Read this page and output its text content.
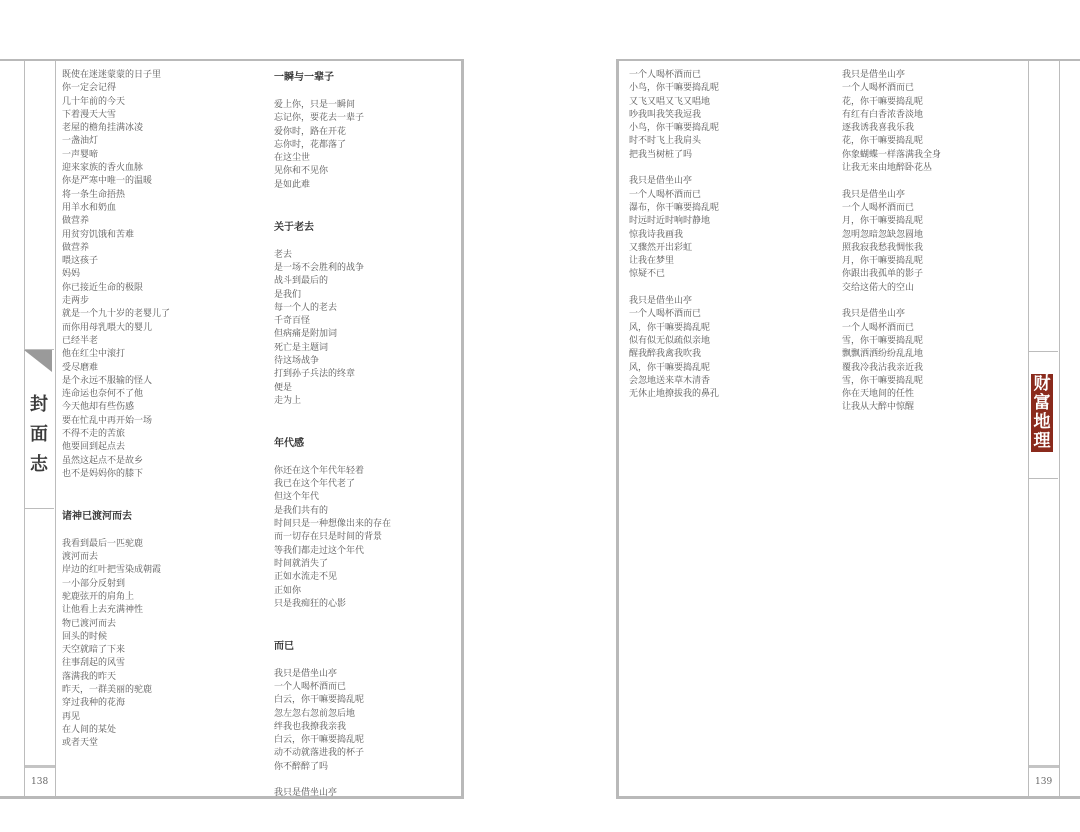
封
面
志
138
既使在迷迷蒙蒙的日子里
你一定会记得
几十年前的今天
下着漫天大雪
老屋的檐角挂满冰凌
一盏油灯
一声婴啼
迎来家族的香火血脉
你是严寒中唯一的温暖
将一条生命捂热
用羊水和奶血
做营养
用贫穷饥饿和苦难
做营养
喂这孩子
妈妈
你已接近生命的极限
走两步
就是一个九十岁的老婴儿了
而你用母乳喂大的婴儿
已经半老
他在红尘中滚打
受尽磨难
是个永远不服输的怪人
连命运也奈何不了他
今天他却有些伤感
要在忙乱中再开始一场
不得不走的苦旅
他要回到起点去
虽然这起点不是故乡
也不是妈妈你的膝下
诸神已渡河而去
我看到最后一匹驼鹿
渡河而去
岸边的红叶把雪染成朝霞
一小部分反射到
驼鹿弦开的肩角上
让他看上去充满神性
物已渡河而去
回头的时候
天空就暗了下来
往事刮起的风雪
落满我的昨天
昨天，一群美丽的驼鹿
穿过我种的花海
再见
在人间的某处
或者天堂
一瞬与一辈子
爱上你，只是一瞬间
忘记你，要花去一辈子
爱你时，路在开花
忘你时，花都落了
在这尘世
见你和不见你
是如此难
关于老去
老去
是一场不会胜利的战争
战斗到最后的
是我们
每一个人的老去
千奇百怪
但病痛是附加词
死亡是主题词
待这场战争
打到孙子兵法的终章
便是
走为上
年代感
你还在这个年代年轻着
我已在这个年代老了
但这个年代
是我们共有的
时间只是一种想像出来的存在
而一切存在只是时间的背景
等我们都走过这个年代
时间就消失了
正如水流走不见
正如你
只是我痴狂的心影
而已
我只是借坐山亭
一个人喝杯酒而已
白云，你干嘛要捣乱呢
忽左忽右忽前忽后地
绊我也我撩我亲我
白云，你干嘛要捣乱呢
动不动就落进我的杯子
你不醉醉了吗
我只是借坐山亭
一个人喝杯酒而已
小鸟，你干嘛要捣乱呢
又飞又唱又飞又唱地
吵我叫我笑我逗我
小鸟，你干嘛要捣乱呢
时不时飞上我肩头
把我当树桩了吗
我只是借坐山亭
一个人喝杯酒而已
瀑布，你干嘛要捣乱呢
时远时近时响时静地
惊我诗我画我
又骤然开出彩虹
让我在梦里
惊疑不已
我只是借坐山亭
一个人喝杯酒而已
风，你干嘛要捣乱呢
似有似无似疏似亲地
醒我醉我禽我吹我
风，你干嘛要捣乱呢
会忽地送来草木清香
无休止地撩拔我的鼻孔
我只是借坐山亭
一个人喝杯酒而已
花，你干嘛要捣乱呢
有红有白香浓香淡地
逐我诱我喜我乐我
花，你干嘛要捣乱呢
你象蝴蝶一样落满我全身
让我无来由地醉卧花丛
我只是借坐山亭
一个人喝杯酒而已
月，你干嘛要捣乱呢
忽明忽暗忽缺忽圆地
照我寂我愁我惆怅我
月，你干嘛要捣乱呢
你跟出我孤单的影子
交给这偌大的空山
我只是借坐山亭
一个人喝杯酒而已
雪，你干嘛要捣乱呢
飘飘洒洒纷纷乱乱地
覆我冷我沾我亲近我
雪，你干嘛要捣乱呢
你在天地间的任性
让我从大醉中惊醒
财
富
地
理
139
